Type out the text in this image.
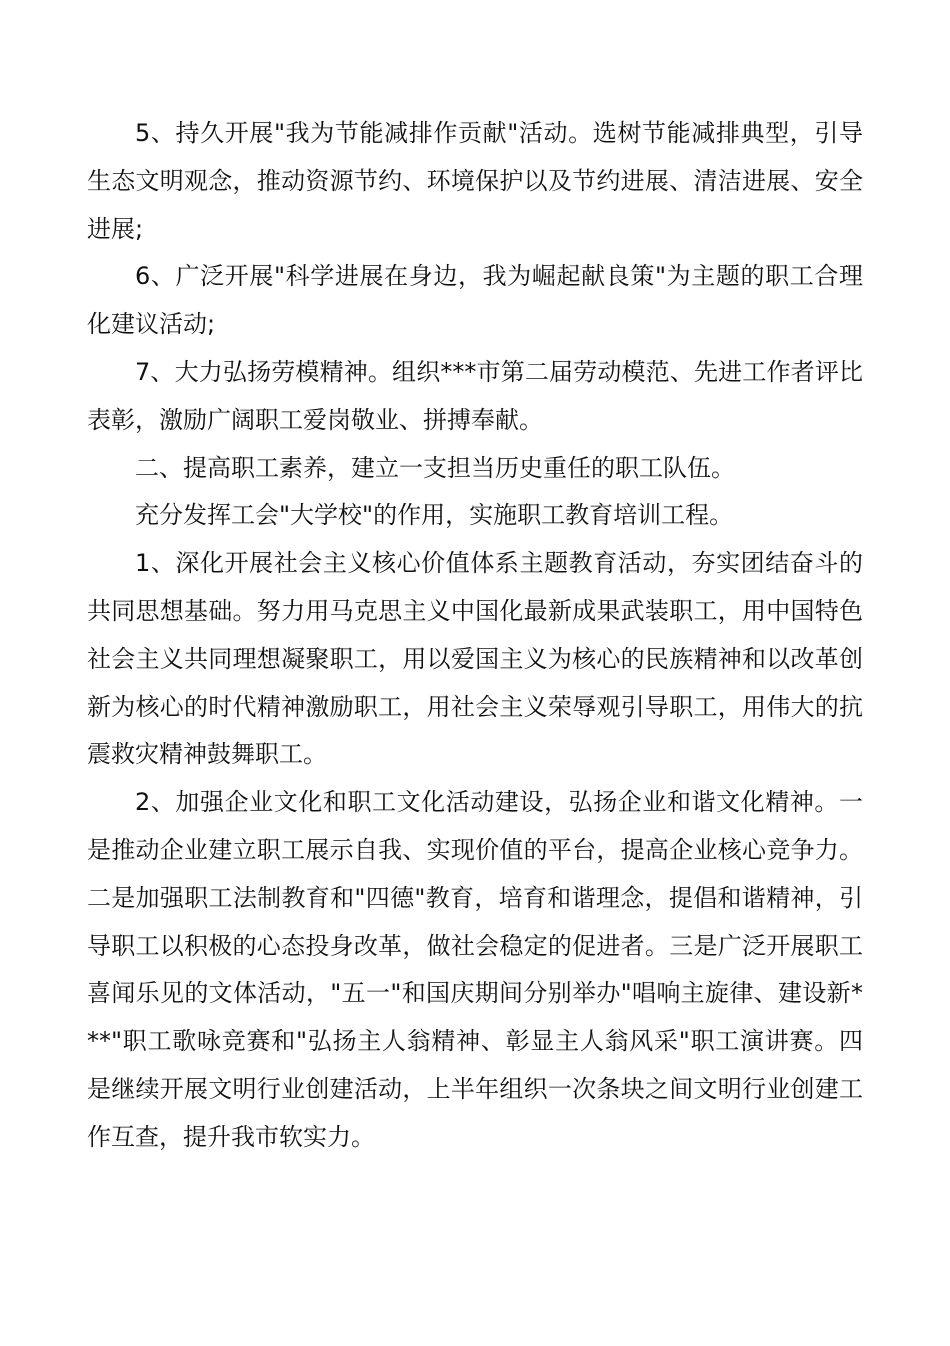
5、持久开展"我为节能减排作贡献"活动。选树节能减排典型，引导生态文明观念，推动资源节约、环境保护以及节约进展、清洁进展、安全进展;

6、广泛开展"科学进展在身边，我为崛起献良策"为主题的职工合理化建议活动;

7、大力弘扬劳模精神。组织***市第二届劳动模范、先进工作者评比表彰，激励广阔职工爱岗敬业、拼搏奉献。

二、提高职工素养，建立一支担当历史重任的职工队伍。

充分发挥工会"大学校"的作用，实施职工教育培训工程。

1、深化开展社会主义核心价值体系主题教育活动，夯实团结奋斗的共同思想基础。努力用马克思主义中国化最新成果武装职工，用中国特色社会主义共同理想凝聚职工，用以爱国主义为核心的民族精神和以改革创新为核心的时代精神激励职工，用社会主义荣辱观引导职工，用伟大的抗震救灾精神鼓舞职工。

2、加强企业文化和职工文化活动建设，弘扬企业和谐文化精神。一是推动企业建立职工展示自我、实现价值的平台，提高企业核心竞争力。二是加强职工法制教育和"四德"教育，培育和谐理念，提倡和谐精神，引导职工以积极的心态投身改革，做社会稳定的促进者。三是广泛开展职工喜闻乐见的文体活动，"五一"和国庆期间分别举办"唱响主旋律、建设新***"职工歌咏竞赛和"弘扬主人翁精神、彰显主人翁风采"职工演讲赛。四是继续开展文明行业创建活动，上半年组织一次条块之间文明行业创建工作互查，提升我市软实力。
